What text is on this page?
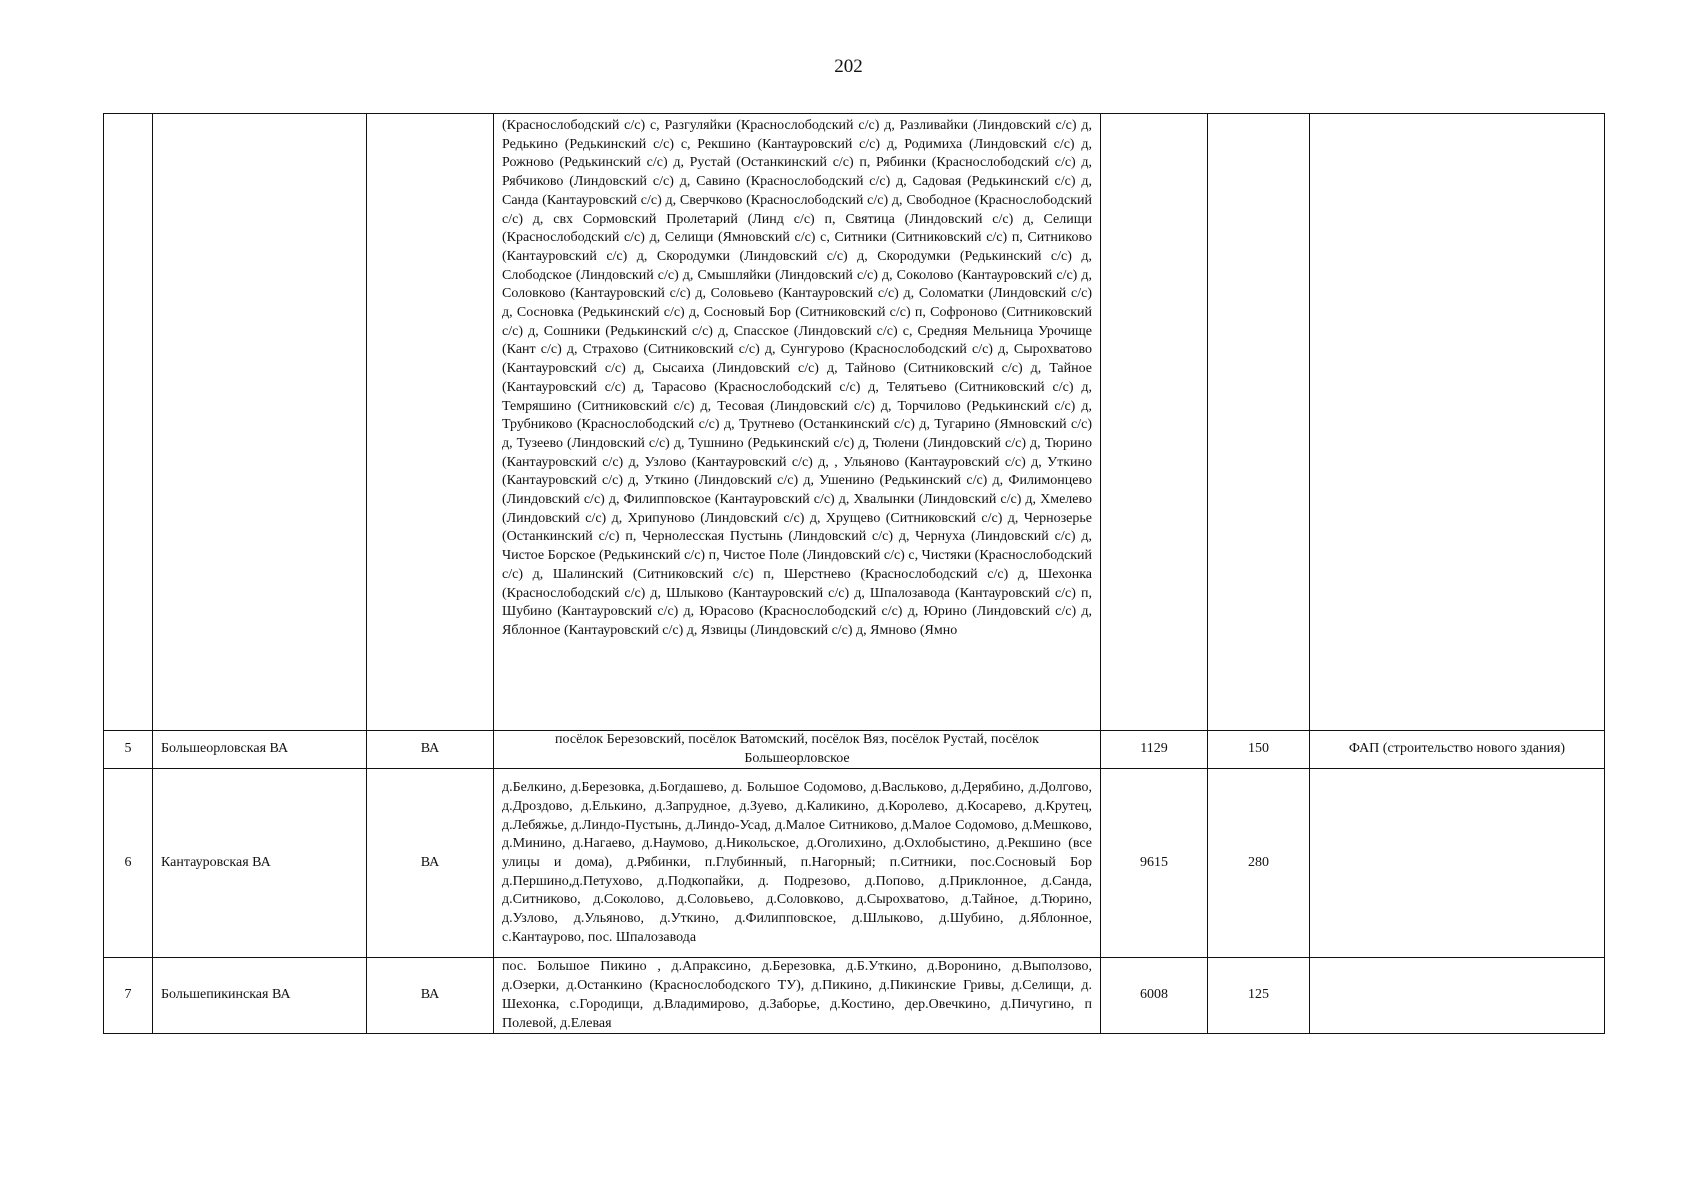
202
			(Краснослободский с/с) с, Разгуляйки (Краснослободский с/с) д, Разливайки (Линдовский с/с) д, Редькино (Редькинский с/с) с, Рекшино (Кантауровский с/с) д, Родимиха (Линдовский с/с) д, Рожново (Редькинский с/с) д, Рустай (Останкинский с/с) п, Рябинки (Краснослободский с/с) д, Рябчиково (Линдовский с/с) д, Савино (Краснослободский с/с) д, Садовая (Редькинский с/с) д, Санда (Кантауровский с/с) д, Сверчково (Краснослободский с/с) д, Свободное (Краснослободский с/с) д, свх Сормовский Пролетарий (Линд с/с) п, Святица (Линдовский с/с) д, Селищи (Краснослободский с/с) д, Селищи (Ямновский с/с) с, Ситники (Ситниковский с/с) п, Ситниково (Кантауровский с/с) д, Скородумки (Линдовский с/с) д, Скородумки (Редькинский с/с) д, Слободское (Линдовский с/с) д, Смышляйки (Линдовский с/с) д, Соколово (Кантауровский с/с) д, Соловково (Кантауровский с/с) д, Соловьево (Кантауровский с/с) д, Соломатки (Линдовский с/с) д, Сосновка (Редькинский с/с) д, Сосновый Бор (Ситниковский с/с) п, Софроново (Ситниковский с/с) д, Сошники (Редькинский с/с) д, Спасское (Линдовский с/с) с, Средняя Мельница Урочище (Кант с/с) д, Страхово (Ситниковский с/с) д, Сунгурово (Краснослободский с/с) д, Сырохватово (Кантауровский с/с) д, Сысаиха (Линдовский с/с) д, Тайново (Ситниковский с/с) д, Тайное (Кантауровский с/с) д, Тарасово (Краснослободский с/с) д, Телятьево (Ситниковский с/с) д, Темряшино (Ситниковский с/с) д, Тесовая (Линдовский с/с) д, Торчилово (Редькинский с/с) д, Трубниково (Краснослободский с/с) д, Трутнево (Останкинский с/с) д, Тугарино (Ямновский с/с) д, Тузеево (Линдовский с/с) д, Тушнино (Редькинский с/с) д, Тюлени (Линдовский с/с) д, Тюрино (Кантауровский с/с) д, Узлово (Кантауровский с/с) д, , Ульяново (Кантауровский с/с) д, Уткино (Кантауровский с/с) д, Уткино (Линдовский с/с) д, Ушенино (Редькинский с/с) д, Филимонцево (Линдовский с/с) д, Филипповское (Кантауровский с/с) д, Хвалынки (Линдовский с/с) д, Хмелево (Линдовский с/с) д, Хрипуново (Линдовский с/с) д, Хрущево (Ситниковский с/с) д, Чернозерье (Останкинский с/с) п, Чернолесская Пустынь (Линдовский с/с) д, Чернуха (Линдовский с/с) д, Чистое Борское (Редькинский с/с) п, Чистое Поле (Линдовский с/с) с, Чистяки (Краснослободский с/с) д, Шалинский (Ситниковский с/с) п, Шерстнево (Краснослободский с/с) д, Шехонка (Краснослободский с/с) д, Шлыково (Кантауровский с/с) д, Шпалозавода (Кантауровский с/с) п, Шубино (Кантауровский с/с) д, Юрасово (Краснослободский с/с) д, Юрино (Линдовский с/с) д, Яблонное (Кантауровский с/с) д, Язвицы (Линдовский с/с) д, Ямново (Ямно			
5	Большеорловская ВА	ВА	посёлок Березовский, посёлок Ватомский, посёлок Вяз, посёлок Рустай, посёлок Большеорловское	1129	150	ФАП (строительство нового здания)
6	Кантауровская ВА	ВА	д.Белкино, д.Березовка, д.Богдашево, д. Большое Содомово, д.Васльково, д.Дерябино, д.Долгово, д.Дроздово, д.Елькино, д.Запрудное, д.Зуево, д.Каликино, д.Королево, д.Косарево, д.Крутец, д.Лебяжье, д.Линдо-Пустынь, д.Линдо-Усад, д.Малое Ситниково, д.Малое Содомово, д.Мешково, д.Минино, д.Нагаево, д.Наумово, д.Никольское, д.Оголихино, д.Охлобыстино, д.Рекшино (все улицы и дома), д.Рябинки, п.Глубинный, п.Нагорный; п.Ситники, пос.Сосновый Бор д.Першино,д.Петухово, д.Подкопайки, д. Подрезово, д.Попово, д.Приклонное, д.Санда, д.Ситниково, д.Соколово, д.Соловьево, д.Соловково, д.Сырохватово, д.Тайное, д.Тюрино, д.Узлово, д.Ульяново, д.Уткино, д.Филипповское, д.Шлыково, д.Шубино, д.Яблонное, с.Кантаурово, пос. Шпалозавода	9615	280	
7	Большепикинская ВА	ВА	пос. Большое Пикино , д.Апраксино, д.Березовка, д.Б.Уткино, д.Воронино, д.Выползово, д.Озерки, д.Останкино (Краснослободского ТУ), д.Пикино, д.Пикинские Гривы, д.Селищи, д. Шехонка, с.Городищи, д.Владимирово, д.Заборье, д.Костино, дер.Овечкино, д.Пичугино, п Полевой, д.Елевая	6008	125	
